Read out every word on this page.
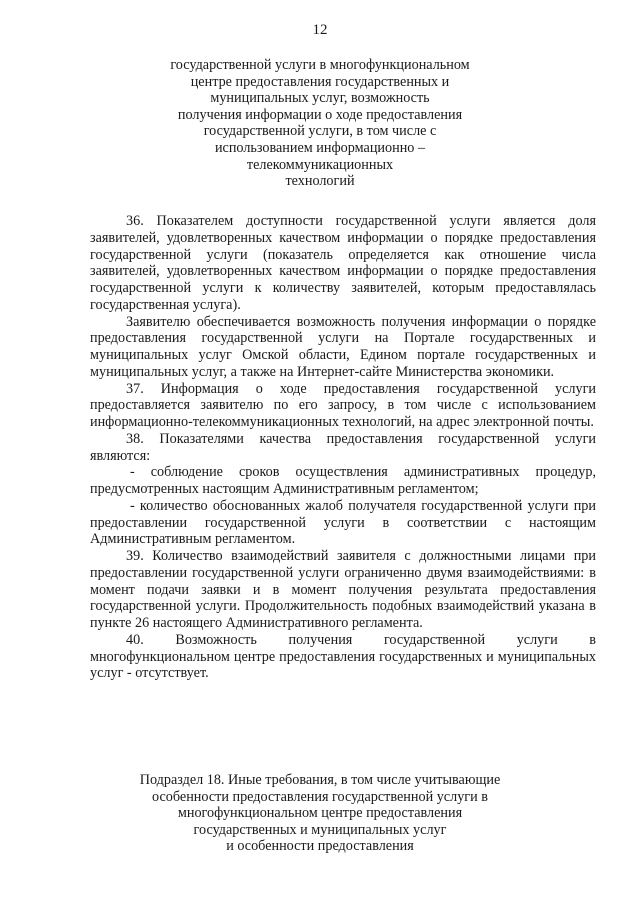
12
государственной услуги в многофункциональном
центре предоставления государственных и
муниципальных услуг, возможность
получения информации о ходе предоставления
государственной услуги, в том числе с
использованием информационно –
телекоммуникационных
технологий

36. Показателем доступности государственной услуги является доля заявителей, удовлетворенных качеством информации о порядке предоставления государственной услуги (показатель определяется как отношение числа заявителей, удовлетворенных качеством информации о порядке предоставления государственной услуги к количеству заявителей, которым предоставлялась государственная услуга).

Заявителю обеспечивается возможность получения информации о порядке предоставления государственной услуги на Портале государственных и муниципальных услуг Омской области, Едином портале государственных и муниципальных услуг, а также на Интернет-сайте Министерства экономики.

37. Информация о ходе предоставления государственной услуги предоставляется заявителю по его запросу, в том числе с использованием информационно-телекоммуникационных технологий, на адрес электронной почты.

38. Показателями качества предоставления государственной услуги являются:

- соблюдение сроков осуществления административных процедур, предусмотренных настоящим Административным регламентом;

- количество обоснованных жалоб получателя государственной услуги при предоставлении государственной услуги в соответствии с настоящим Административным регламентом.

39. Количество взаимодействий заявителя с должностными лицами при предоставлении государственной услуги ограниченно двумя взаимодействиями: в момент подачи заявки и в момент получения результата предоставления государственной услуги. Продолжительность подобных взаимодействий указана в пункте 26 настоящего Административного регламента.

40. Возможность получения государственной услуги в многофункциональном центре предоставления государственных и муниципальных услуг - отсутствует.

Подраздел 18. Иные требования, в том числе учитывающие
особенности предоставления государственной услуги в
многофункциональном центре предоставления
государственных и муниципальных услуг
и особенности предоставления
